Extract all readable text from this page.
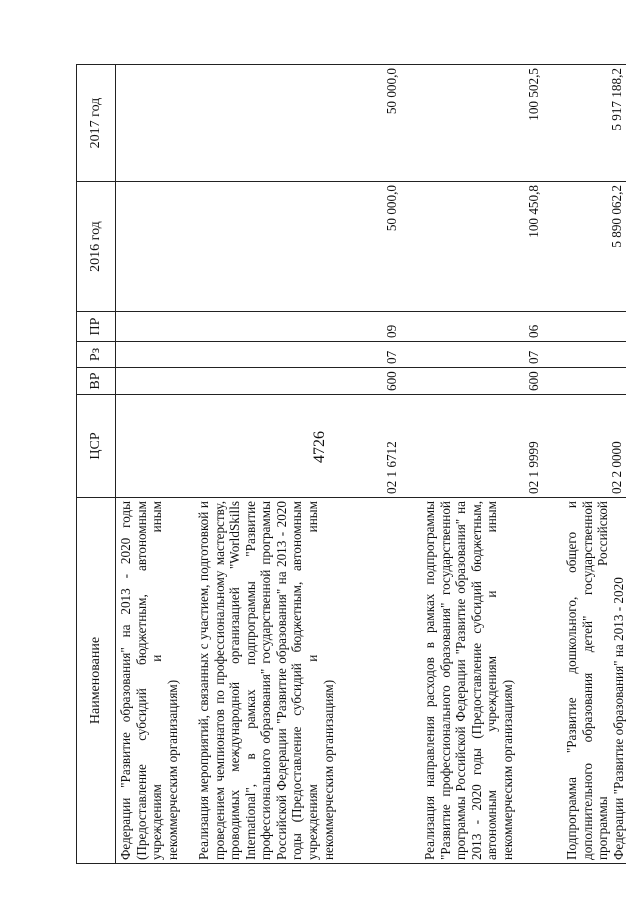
4726
Наименование	ЦСР	ВР	Рз	ПР	2016 год	2017 год

Федерации "Развитие образования" на 2013 - 2020 годы (Предоставление субсидий бюджетным, автономным учреждениям и иным некоммерческим организациям)						

Реализация мероприятий, связанных с участием, подготовкой и проведением чемпионатов по профессиональному мастерству, проводимых международной организацией "WorldSkills International", в рамках подпрограммы "Развитие профессионального образования" государственной программы Российской Федерации "Развитие образования" на 2013 - 2020 годы (Предоставление субсидий бюджетным, автономным учреждениям и иным некоммерческим организациям)	02 1 6712	600	07	09	50 000,0	50 000,0

Реализация направления расходов в рамках подпрограммы "Развитие профессионального образования" государственной программы Российской Федерации "Развитие образования" на 2013 - 2020 годы (Предоставление субсидий бюджетным, автономным учреждениям и иным некоммерческим организациям)	02 1 9999	600	07	06	100 450,8	100 502,5

Подпрограмма "Развитие дошкольного, общего и дополнительного образования детей" государственной программы Российской Федерации "Развитие образования" на 2013 - 2020	02 2 0000				5 890 062,2	5 917 188,2
